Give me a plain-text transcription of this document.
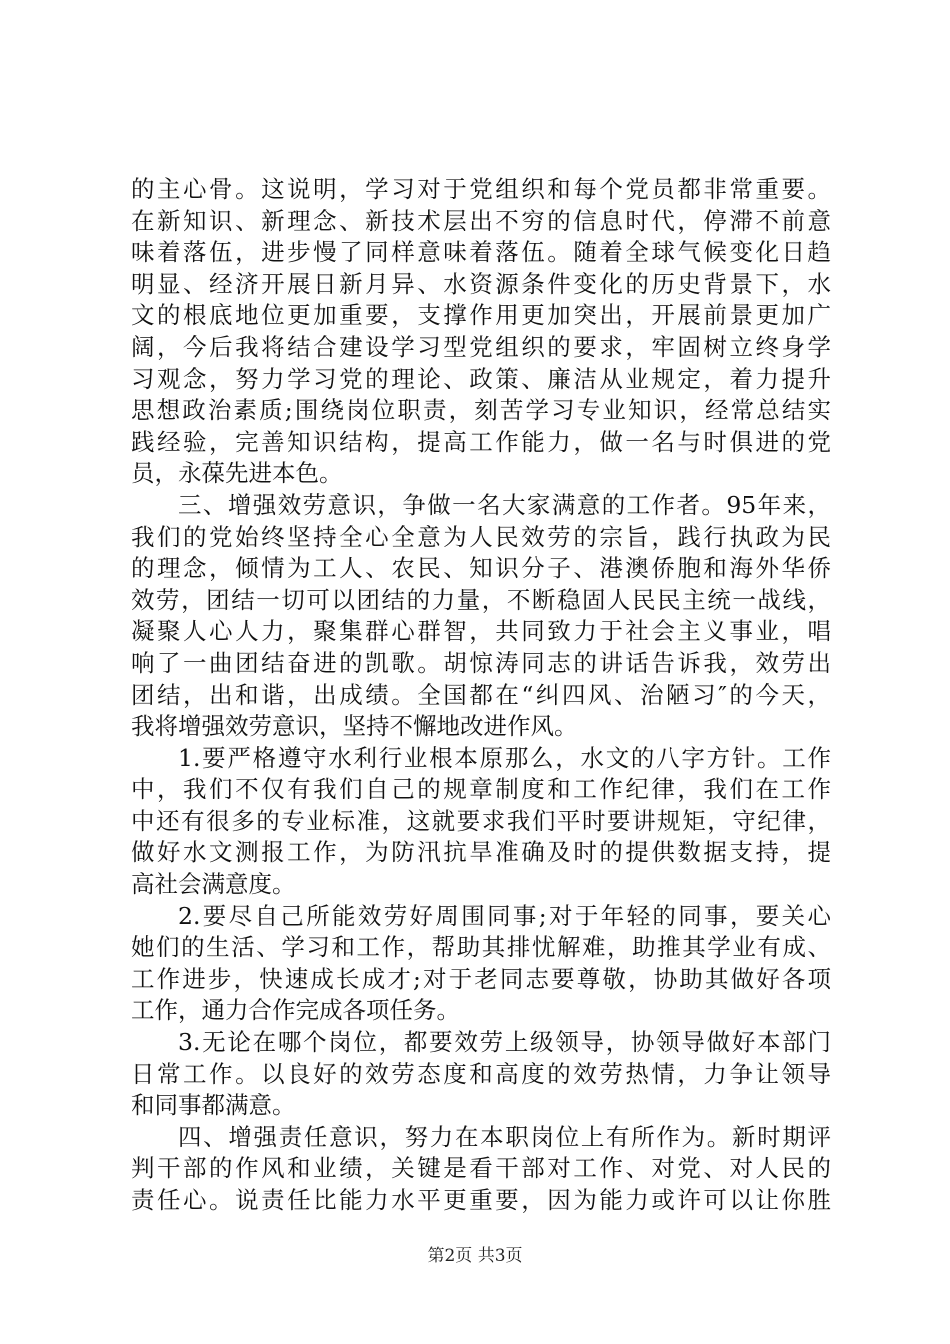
的主心骨。这说明，学习对于党组织和每个党员都非常重要。
在新知识、新理念、新技术层出不穷的信息时代，停滞不前意
味着落伍，进步慢了同样意味着落伍。随着全球气候变化日趋
明显、经济开展日新月异、水资源条件变化的历史背景下，水
文的根底地位更加重要，支撑作用更加突出，开展前景更加广
阔，今后我将结合建设学习型党组织的要求，牢固树立终身学
习观念，努力学习党的理论、政策、廉洁从业规定，着力提升
思想政治素质;围绕岗位职责，刻苦学习专业知识，经常总结实
践经验，完善知识结构，提高工作能力，做一名与时俱进的党
员，永葆先进本色。
三、增强效劳意识，争做一名大家满意的工作者。95年来，
我们的党始终坚持全心全意为人民效劳的宗旨，践行执政为民
的理念，倾情为工人、农民、知识分子、港澳侨胞和海外华侨
效劳，团结一切可以团结的力量，不断稳固人民民主统一战线，
凝聚人心人力，聚集群心群智，共同致力于社会主义事业，唱
响了一曲团结奋进的凯歌。胡惊涛同志的讲话告诉我，效劳出
团结，出和谐，出成绩。全国都在“纠四风、治陋习″的今天，
我将增强效劳意识，坚持不懈地改进作风。
1.要严格遵守水利行业根本原那么，水文的八字方针。工作
中，我们不仅有我们自己的规章制度和工作纪律，我们在工作
中还有很多的专业标准，这就要求我们平时要讲规矩，守纪律，
做好水文测报工作，为防汛抗旱准确及时的提供数据支持，提
高社会满意度。
2.要尽自己所能效劳好周围同事;对于年轻的同事，要关心
她们的生活、学习和工作，帮助其排忧解难，助推其学业有成、
工作进步，快速成长成才;对于老同志要尊敬，协助其做好各项
工作，通力合作完成各项任务。
3.无论在哪个岗位，都要效劳上级领导，协领导做好本部门
日常工作。以良好的效劳态度和高度的效劳热情，力争让领导
和同事都满意。
四、增强责任意识，努力在本职岗位上有所作为。新时期评
判干部的作风和业绩，关键是看干部对工作、对党、对人民的
责任心。说责任比能力水平更重要，因为能力或许可以让你胜
第2页 共3页
